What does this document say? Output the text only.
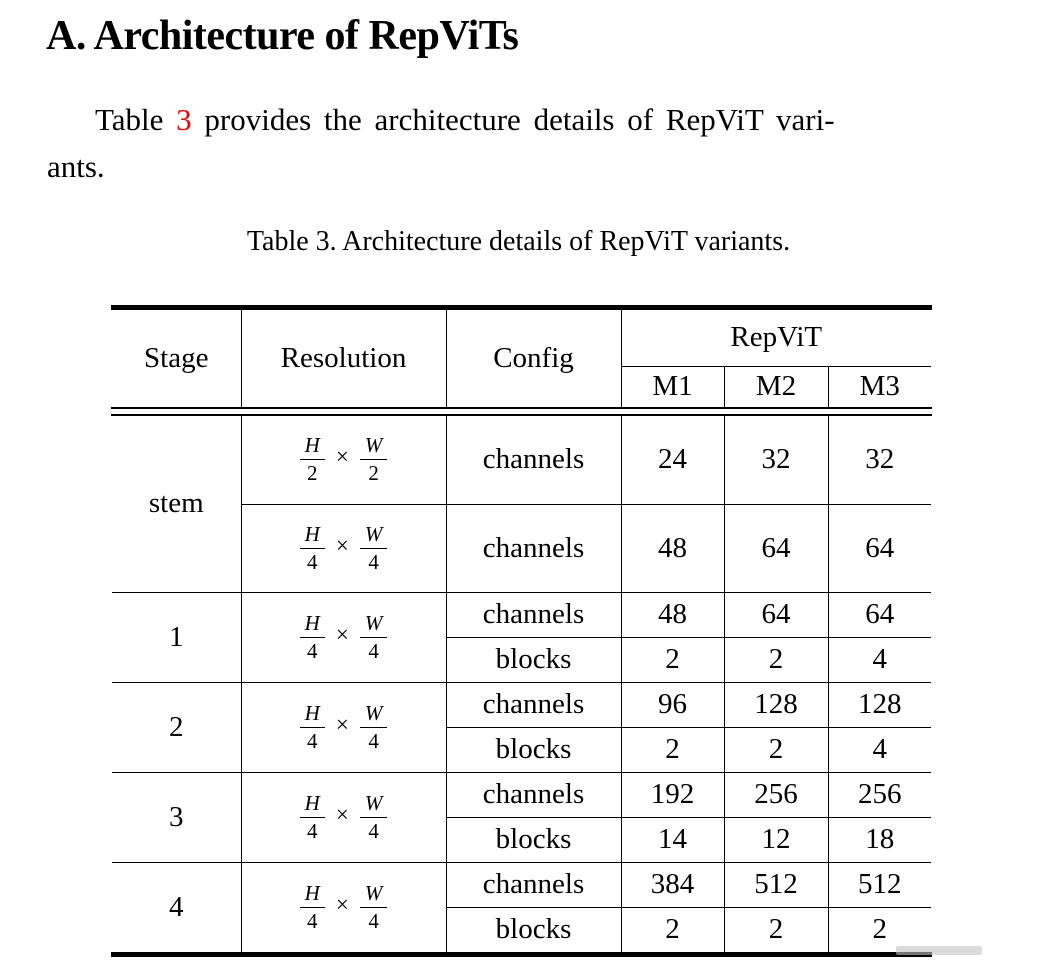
A. Architecture of RepViTs
Table 3 provides the architecture details of RepViT vari-
ants.
Table 3. Architecture details of RepViT variants.
Stage	Resolution	Config	RepViT		
			M1	M2	M3
stem	$\frac{H}{2} \times \frac{W}{2}$	channels	24	32	32

	$\frac{H}{4} \times \frac{W}{4}$	channels	48	64	64
1	$\frac{H}{4} \times \frac{W}{4}$	channels	48	64	64
		blocks	2	2	4
2	$\frac{H}{4} \times \frac{W}{4}$	channels	96	128	128
		blocks	2	2	4
3	$\frac{H}{4} \times \frac{W}{4}$	channels	192	256	256
		blocks	14	12	18
4	$\frac{H}{4} \times \frac{W}{4}$	channels	384	512	512
		blocks	2	2	2
